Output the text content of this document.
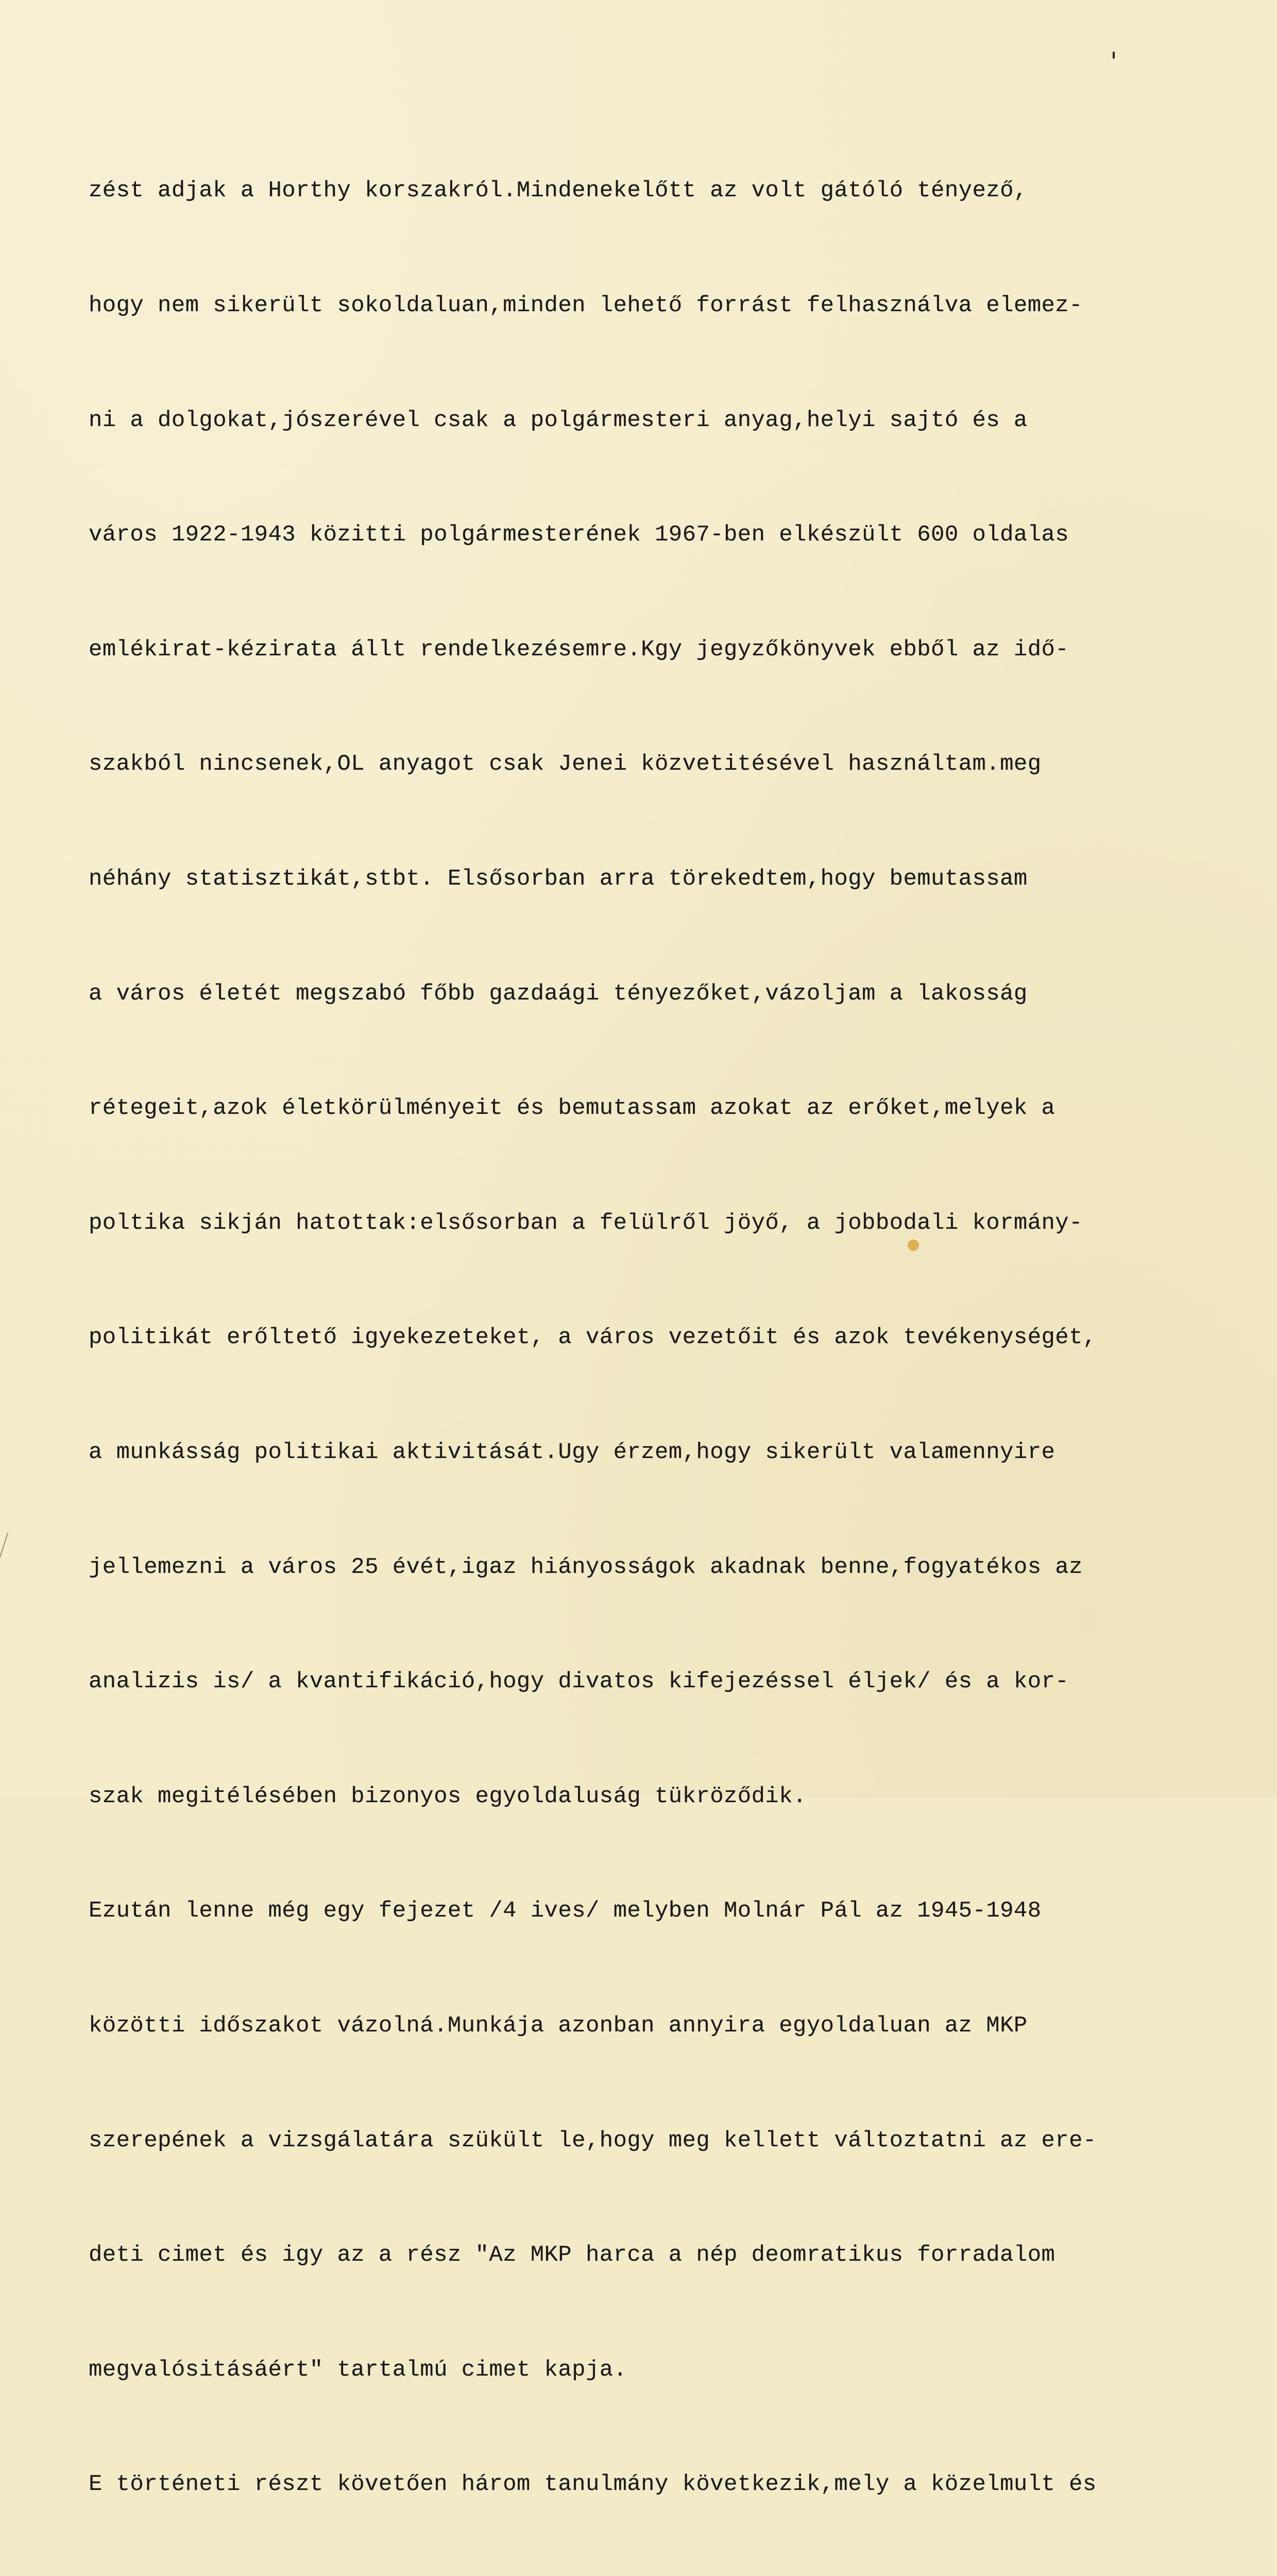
zést adjak a Horthy korszakról.Mindenekelőtt az volt gátóló tényező,

hogy nem sikerült sokoldaluan,minden lehető forrást felhasználva elemez-

ni a dolgokat,jószerével csak a polgármesteri anyag,helyi sajtó és a

város 1922-1943 közitti polgármesterének 1967-ben elkészült 600 oldalas

emlékirat-kézirata állt rendelkezésemre.Kgy jegyzőkönyvek ebből az idő-

szakból nincsenek,OL anyagot csak Jenei közvetitésével használtam.meg

néhány statisztikát,stbt. Elsősorban arra törekedtem,hogy bemutassam

a város életét megszabó főbb gazdaági tényezőket,vázoljam a lakosság

rétegeit,azok életkörülményeit és bemutassam azokat az erőket,melyek a

poltika sikján hatottak:elsősorban a felülről jöyő, a jobbodali kormány-

politikát erőltető igyekezeteket, a város vezetőit és azok tevékenységét,

a munkásság politikai aktivitását.Ugy érzem,hogy sikerült valamennyire

jellemezni a város 25 évét,igaz hiányosságok akadnak benne,fogyatékos az

analizis is/ a kvantifikáció,hogy divatos kifejezéssel éljek/ és a kor-

szak megitélésében bizonyos egyoldaluság tükröződik.

Ezután lenne még egy fejezet /4 ives/ melyben Molnár Pál az 1945-1948

közötti időszakot vázolná.Munkája azonban annyira egyoldaluan az MKP

szerepének a vizsgálatára szükült le,hogy meg kellett változtatni az ere-

deti cimet és igy az a rész "Az MKP harca a nép deomratikus forradalom

megvalósitásáért" tartalmú cimet kapja.

E történeti részt követően három tanulmány következik,mely a közelmult és
